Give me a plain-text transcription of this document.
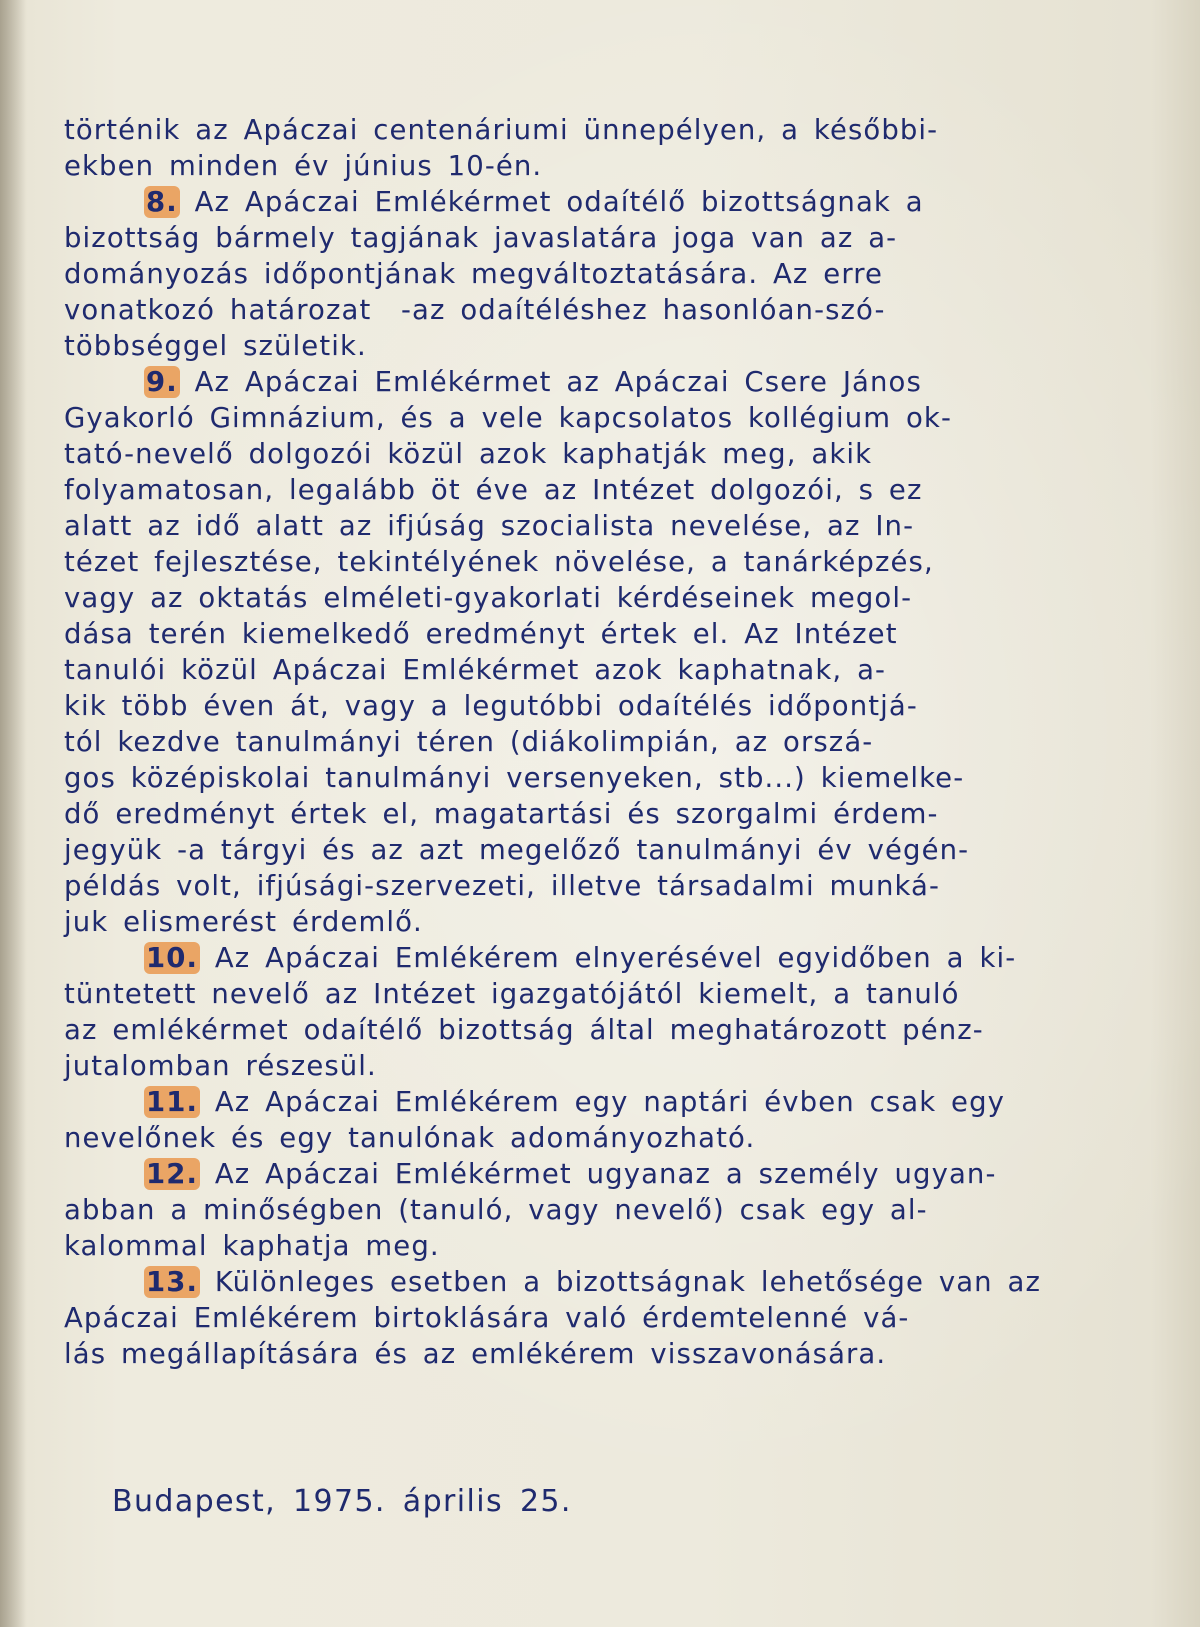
történik az Apáczai centenáriumi ünnepélyen, a későbbi-
ekben minden év június 10-én.
8. Az Apáczai Emlékérmet odaítélő bizottságnak a
bizottság bármely tagjának javaslatára joga van az a-
dományozás időpontjának megváltoztatására. Az erre
vonatkozó határozat  -az odaítéléshez hasonlóan-szó-
többséggel születik.
9. Az Apáczai Emlékérmet az Apáczai Csere János
Gyakorló Gimnázium, és a vele kapcsolatos kollégium ok-
tató-nevelő dolgozói közül azok kaphatják meg, akik
folyamatosan, legalább öt éve az Intézet dolgozói, s ez
alatt az idő alatt az ifjúság szocialista nevelése, az In-
tézet fejlesztése, tekintélyének növelése, a tanárképzés,
vagy az oktatás elméleti-gyakorlati kérdéseinek megol-
dása terén kiemelkedő eredményt értek el. Az Intézet
tanulói közül Apáczai Emlékérmet azok kaphatnak, a-
kik több éven át, vagy a legutóbbi odaítélés időpontjá-
tól kezdve tanulmányi téren (diákolimpián, az orszá-
gos középiskolai tanulmányi versenyeken, stb...) kiemelke-
dő eredményt értek el, magatartási és szorgalmi érdem-
jegyük -a tárgyi és az azt megelőző tanulmányi év végén-
példás volt, ifjúsági-szervezeti, illetve társadalmi munká-
juk elismerést érdemlő.
10. Az Apáczai Emlékérem elnyerésével egyidőben a ki-
tüntetett nevelő az Intézet igazgatójától kiemelt, a tanuló
az emlékérmet odaítélő bizottság által meghatározott pénz-
jutalomban részesül.
11. Az Apáczai Emlékérem egy naptári évben csak egy
nevelőnek és egy tanulónak adományozható.
12. Az Apáczai Emlékérmet ugyanaz a személy ugyan-
abban a minőségben (tanuló, vagy nevelő) csak egy al-
kalommal kaphatja meg.
13. Különleges esetben a bizottságnak lehetősége van az
Apáczai Emlékérem birtoklására való érdemtelenné vá-
lás megállapítására és az emlékérem visszavonására.
Budapest, 1975. április 25.
